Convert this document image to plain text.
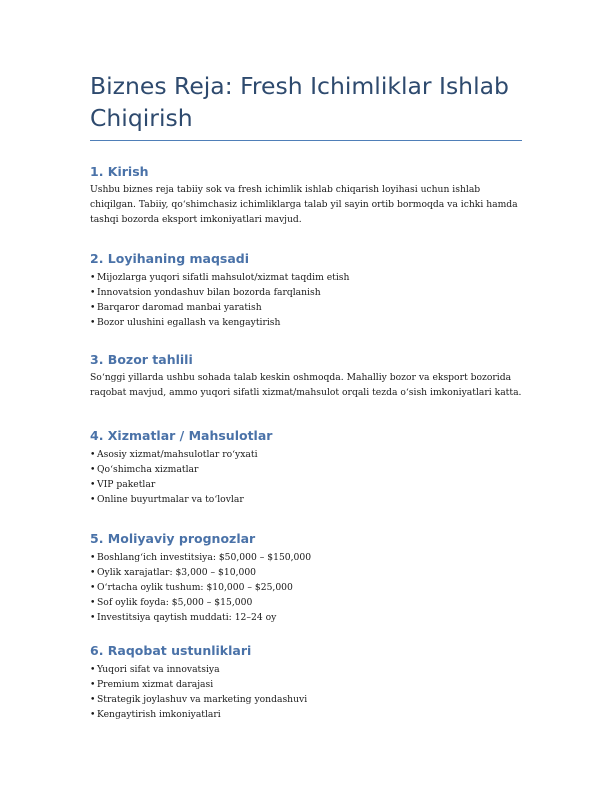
Biznes Reja: Fresh Ichimliklar Ishlab Chiqirish
1. Kirish

Ushbu biznes reja tabiiy sok va fresh ichimlik ishlab chiqarish loyihasi uchun ishlab chiqilgan. Tabiiy, qo‘shimchasiz ichimliklarga talab yil sayin ortib bormoqda va ichki hamda tashqi bozorda eksport imkoniyatlari mavjud.

2. Loyihaning maqsadi
• Mijozlarga yuqori sifatli mahsulot/xizmat taqdim etish
• Innovatsion yondashuv bilan bozorda farqlanish
• Barqaror daromad manbai yaratish
• Bozor ulushini egallash va kengaytirish
3. Bozor tahlili

So‘nggi yillarda ushbu sohada talab keskin oshmoqda. Mahalliy bozor va eksport bozorida raqobat mavjud, ammo yuqori sifatli xizmat/mahsulot orqali tezda o‘sish imkoniyatlari katta.

4. Xizmatlar / Mahsulotlar
• Asosiy xizmat/mahsulotlar ro‘yxati
• Qo‘shimcha xizmatlar
• VIP paketlar
• Online buyurtmalar va to‘lovlar
5. Moliyaviy prognozlar
• Boshlang‘ich investitsiya: $50,000 – $150,000
• Oylik xarajatlar: $3,000 – $10,000
• O‘rtacha oylik tushum: $10,000 – $25,000
• Sof oylik foyda: $5,000 – $15,000
• Investitsiya qaytish muddati: 12–24 oy
6. Raqobat ustunliklari
• Yuqori sifat va innovatsiya
• Premium xizmat darajasi
• Strategik joylashuv va marketing yondashuvi
• Kengaytirish imkoniyatlari
